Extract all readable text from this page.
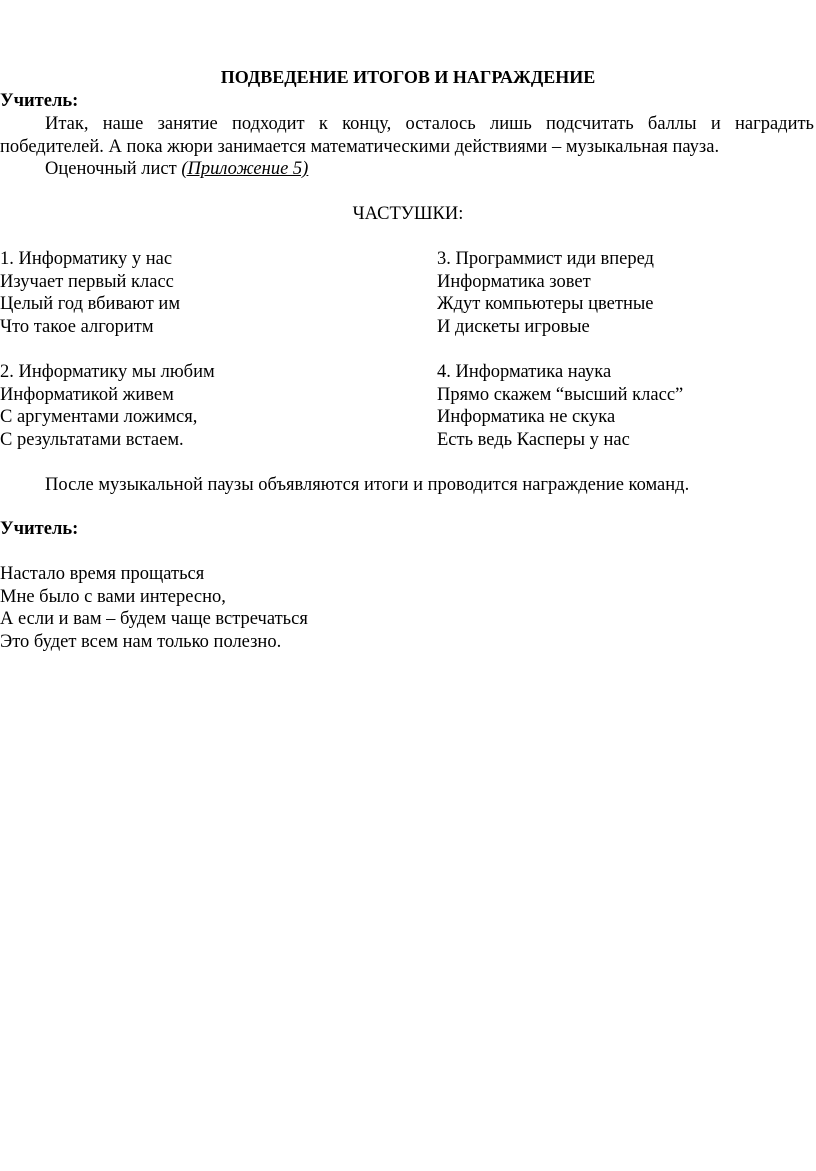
ПОДВЕДЕНИЕ ИТОГОВ И НАГРАЖДЕНИЕ
Учитель:

Итак, наше занятие подходит к концу, осталось лишь подсчитать баллы и наградить победителей. А пока жюри занимается математическими действиями – музыкальная пауза.

Оценочный лист (Приложение 5)
ЧАСТУШКИ:
1. Информатику у нас
Изучает первый класс
Целый год вбивают им
Что такое алгоритм
3. Программист иди вперед
Информатика зовет
Ждут компьютеры цветные
И дискеты игровые
2. Информатику мы любим
Информатикой живем
С аргументами ложимся,
С результатами встаем.
4. Информатика наука
Прямо скажем “высший класс”
Информатика не скука
Есть ведь Касперы у нас
После музыкальной паузы объявляются итоги и проводится награждение команд.
Учитель:
Настало время прощаться
Мне было с вами интересно,
А если и вам – будем чаще встречаться
Это будет всем нам только полезно.
